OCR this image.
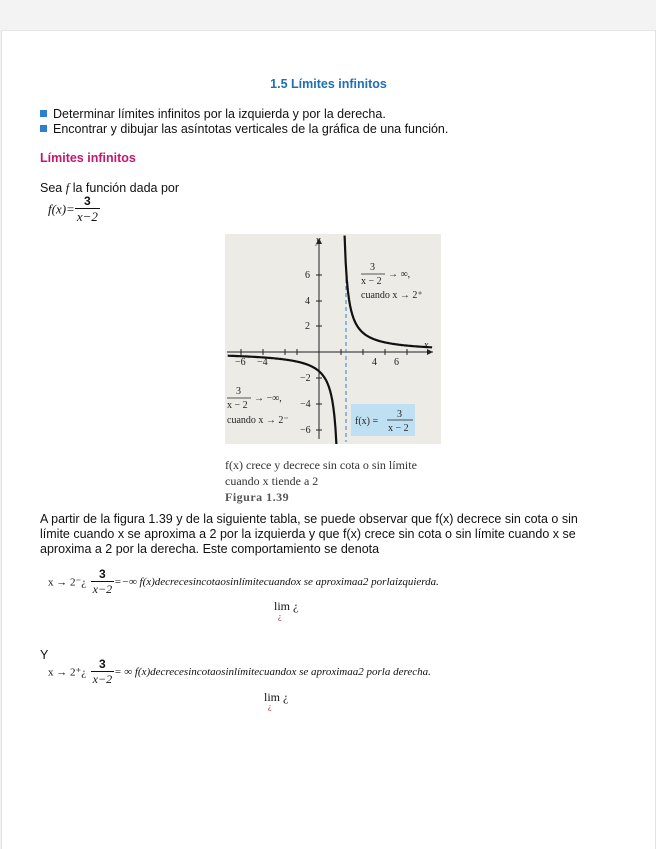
1.5 Límites infinitos
Determinar límites infinitos por la izquierda y por la derecha.
Encontrar y dibujar las asíntotas verticales de la gráfica de una función.
Límites infinitos
Sea f la función dada por
$f(x)= \frac{3}{x-2}$
x
y
−6 −4	4 6
6
4
2
−2
−4
−6
3
x − 2
→ ∞,
cuando x → 2⁺
3
x − 2
→ −∞,
cuando x → 2⁻	f(x) =
3
x − 2
f(x) crece y decrece sin cota o sin límite
cuando x tiende a 2
Figura 1.39
A partir de la figura 1.39 y de la siguiente tabla, se puede observar que f(x) decrece sin cota o sin
límite cuando x se aproxima a 2 por la izquierda y que f(x) crece sin cota o sin límite cuando x se
aproxima a 2 por la derecha. Este comportamiento se denota
x → 2⁻¿ $\frac{3}{x-2}$ =−∞ f(x)decrecesincotaosinlímitecuandox se aproximaa2 porlaizquierda.
lim ¿
¿
Y
x → 2⁺¿ $\frac{3}{x-2}$ = ∞ f(x)decrecesincotaosinlímitecuandox se aproximaa2 porla derecha.
lim ¿
¿
